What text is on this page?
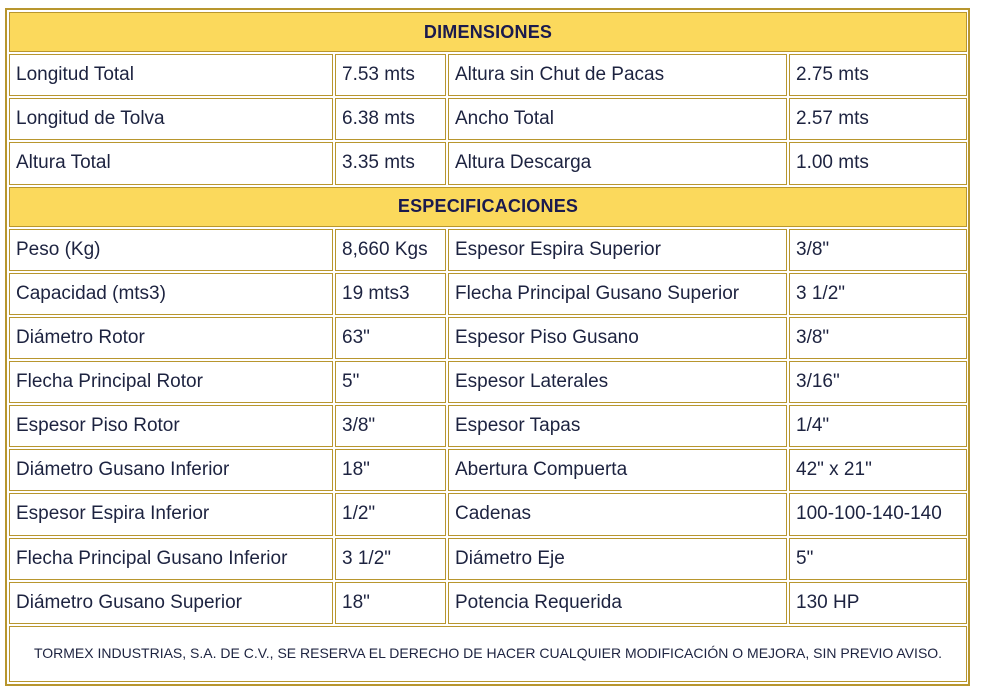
DIMENSIONES			
Longitud Total	7.53 mts	Altura sin Chut de Pacas	2.75 mts
Longitud de Tolva	6.38 mts	Ancho Total	2.57 mts
Altura Total	3.35 mts	Altura Descarga	1.00 mts
ESPECIFICACIONES			
Peso (Kg)	8,660 Kgs	Espesor Espira Superior	3/8"
Capacidad (mts3)	19 mts3	Flecha Principal Gusano Superior	3 1/2"
Diámetro Rotor	63"	Espesor Piso Gusano	3/8"
Flecha Principal Rotor	5"	Espesor Laterales	3/16"
Espesor Piso Rotor	3/8"	Espesor Tapas	1/4"
Diámetro Gusano Inferior	18"	Abertura Compuerta	42" x 21"
Espesor Espira Inferior	1/2"	Cadenas	100-100-140-140
Flecha Principal Gusano Inferior	3 1/2"	Diámetro Eje	5"
Diámetro Gusano Superior	18"	Potencia Requerida	130 HP
TORMEX INDUSTRIAS, S.A. DE C.V., SE RESERVA EL DERECHO DE HACER CUALQUIER MODIFICACIÓN O MEJORA, SIN PREVIO AVISO.			
